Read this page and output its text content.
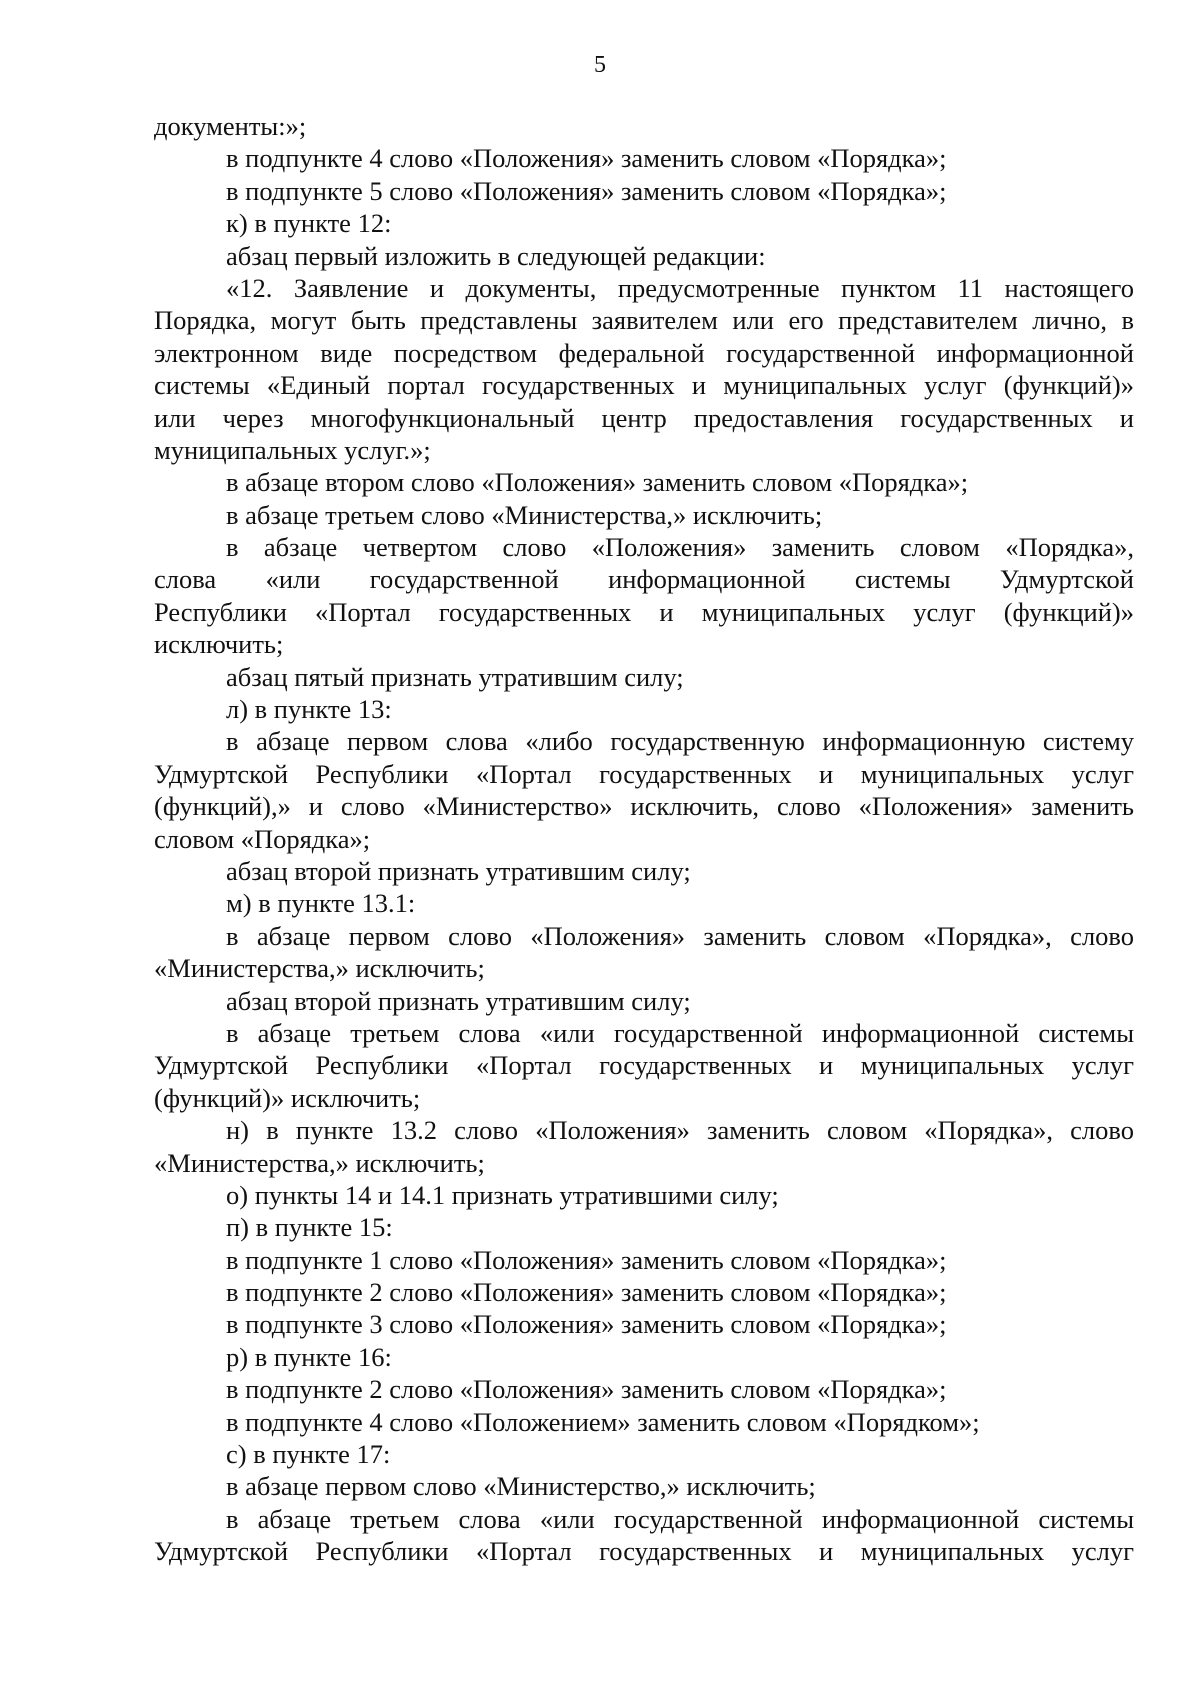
5
документы:»;
в подпункте 4 слово «Положения» заменить словом «Порядка»;
в подпункте 5 слово «Положения» заменить словом «Порядка»;
к) в пункте 12:
абзац первый изложить в следующей редакции:
«12. Заявление и документы, предусмотренные пунктом 11 настоящего
Порядка, могут быть представлены заявителем или его представителем лично, в
электронном виде посредством федеральной государственной информационной
системы «Единый портал государственных и муниципальных услуг (функций)»
или через многофункциональный центр предоставления государственных и
муниципальных услуг.»;
в абзаце втором слово «Положения» заменить словом «Порядка»;
в абзаце третьем слово «Министерства,» исключить;
в абзаце четвертом слово «Положения» заменить словом «Порядка»,
слова «или государственной информационной системы Удмуртской
Республики «Портал государственных и муниципальных услуг (функций)»
исключить;
абзац пятый признать утратившим силу;
л) в пункте 13:
в абзаце первом слова «либо государственную информационную систему
Удмуртской Республики «Портал государственных и муниципальных услуг
(функций),» и слово «Министерство» исключить, слово «Положения» заменить
словом «Порядка»;
абзац второй признать утратившим силу;
м) в пункте 13.1:
в абзаце первом слово «Положения» заменить словом «Порядка», слово
«Министерства,» исключить;
абзац второй признать утратившим силу;
в абзаце третьем слова «или государственной информационной системы
Удмуртской Республики «Портал государственных и муниципальных услуг
(функций)» исключить;
н) в пункте 13.2 слово «Положения» заменить словом «Порядка», слово
«Министерства,» исключить;
о) пункты 14 и 14.1 признать утратившими силу;
п) в пункте 15:
в подпункте 1 слово «Положения» заменить словом «Порядка»;
в подпункте 2 слово «Положения» заменить словом «Порядка»;
в подпункте 3 слово «Положения» заменить словом «Порядка»;
р) в пункте 16:
в подпункте 2 слово «Положения» заменить словом «Порядка»;
в подпункте 4 слово «Положением» заменить словом «Порядком»;
с) в пункте 17:
в абзаце первом слово «Министерство,» исключить;
в абзаце третьем слова «или государственной информационной системы
Удмуртской Республики «Портал государственных и муниципальных услуг
